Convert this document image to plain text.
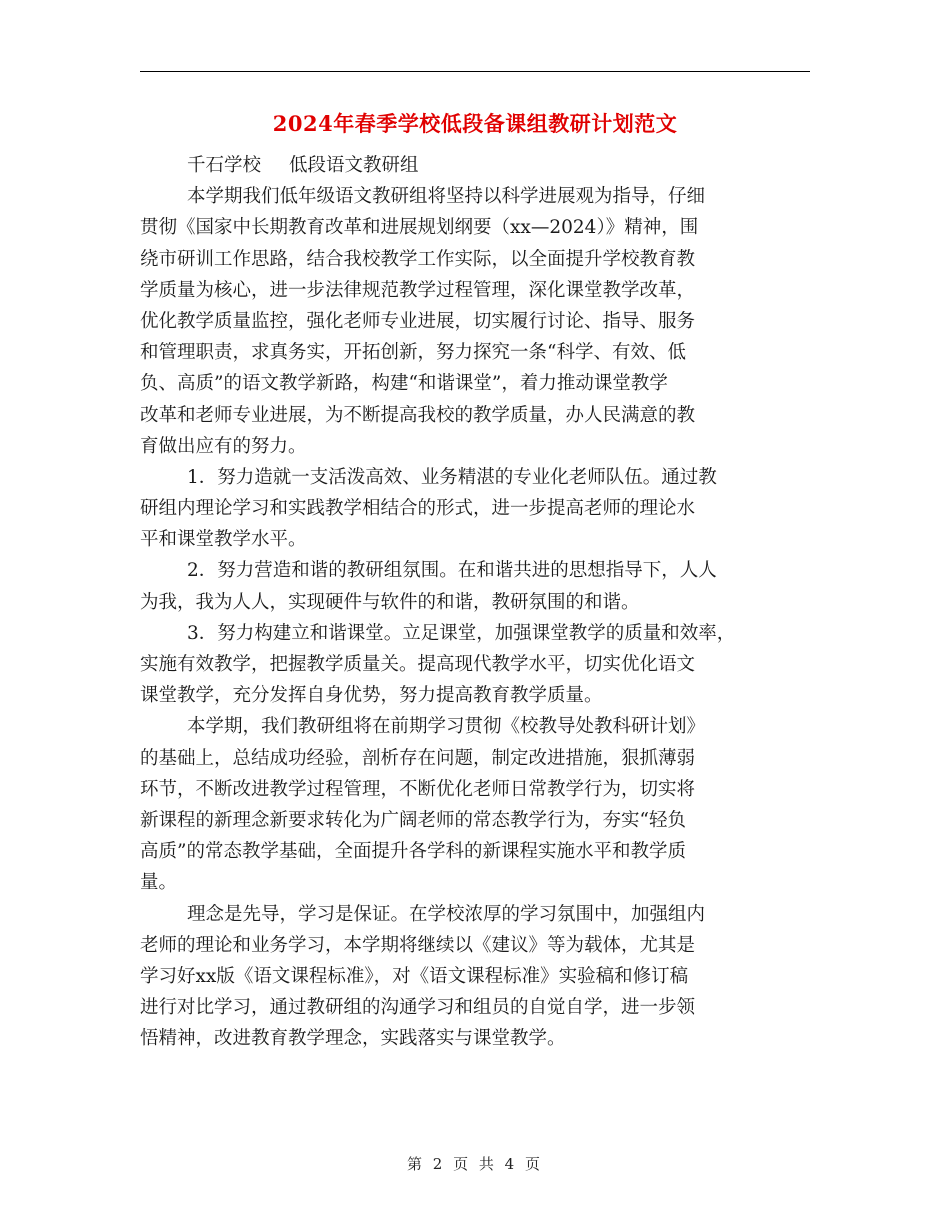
2024年春季学校低段备课组教研计划范文
千石学校 低段语文教研组
本学期我们低年级语文教研组将坚持以科学进展观为指导，仔细
贯彻《国家中长期教育改革和进展规划纲要（xx—2024）》精神，围
绕市研训工作思路，结合我校教学工作实际，以全面提升学校教育教
学质量为核心，进一步法律规范教学过程管理，深化课堂教学改革，
优化教学质量监控，强化老师专业进展，切实履行讨论、指导、服务
和管理职责，求真务实，开拓创新，努力探究一条“科学、有效、低
负、高质”的语文教学新路，构建“和谐课堂”，着力推动课堂教学
改革和老师专业进展，为不断提高我校的教学质量，办人民满意的教
育做出应有的努力。
1．努力造就一支活泼高效、业务精湛的专业化老师队伍。通过教
研组内理论学习和实践教学相结合的形式，进一步提高老师的理论水
平和课堂教学水平。
2．努力营造和谐的教研组氛围。在和谐共进的思想指导下，人人
为我，我为人人，实现硬件与软件的和谐，教研氛围的和谐。
3．努力构建立和谐课堂。立足课堂，加强课堂教学的质量和效率，
实施有效教学，把握教学质量关。提高现代教学水平，切实优化语文
课堂教学，充分发挥自身优势，努力提高教育教学质量。
本学期，我们教研组将在前期学习贯彻《校教导处教科研计划》
的基础上，总结成功经验，剖析存在问题，制定改进措施，狠抓薄弱
环节，不断改进教学过程管理，不断优化老师日常教学行为，切实将
新课程的新理念新要求转化为广阔老师的常态教学行为，夯实“轻负
高质”的常态教学基础，全面提升各学科的新课程实施水平和教学质
量。
理念是先导，学习是保证。在学校浓厚的学习氛围中，加强组内
老师的理论和业务学习，本学期将继续以《建议》等为载体，尤其是
学习好xx版《语文课程标准》，对《语文课程标准》实验稿和修订稿
进行对比学习，通过教研组的沟通学习和组员的自觉自学，进一步领
悟精神，改进教育教学理念，实践落实与课堂教学。
第 2 页 共 4 页
